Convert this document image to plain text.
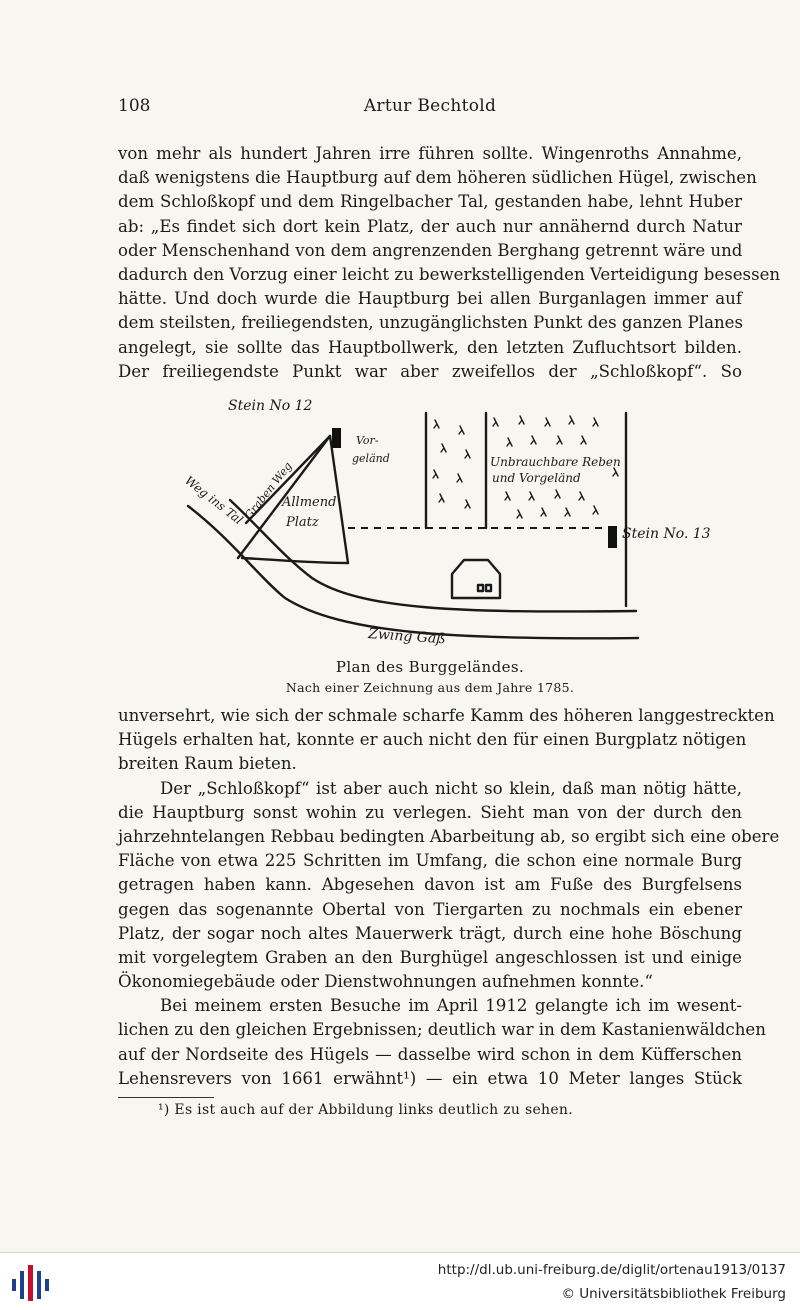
108	Artur Bechtold
von mehr als hundert Jahren irre führen sollte. Wingenroths Annahme,
daß wenigstens die Hauptburg auf dem höheren südlichen Hügel, zwischen
dem Schloßkopf und dem Ringelbacher Tal, gestanden habe, lehnt Huber
ab: „Es findet sich dort kein Platz, der auch nur annähernd durch Natur
oder Menschenhand von dem angrenzenden Berghang getrennt wäre und
dadurch den Vorzug einer leicht zu bewerkstelligenden Verteidigung besessen
hätte. Und doch wurde die Hauptburg bei allen Burganlagen immer auf
dem steilsten, freiliegendsten, unzugänglichsten Punkt des ganzen Planes
angelegt, sie sollte das Hauptbollwerk, den letzten Zufluchtsort bilden.
Der freiliegendste Punkt war aber zweifellos der „Schloßkopf“. So
Stein No 12
Weg ins Tal
Graben Weg
Allmend
Platz
Vor-
geländ	Unbrauchbare Reben
und Vorgeländ
Stein No. 13
Zwing Gaß
Plan des Burggeländes.
Nach einer Zeichnung aus dem Jahre 1785.
unversehrt, wie sich der schmale scharfe Kamm des höheren langgestreckten
Hügels erhalten hat, konnte er auch nicht den für einen Burgplatz nötigen
breiten Raum bieten.
Der „Schloßkopf“ ist aber auch nicht so klein, daß man nötig hätte,
die Hauptburg sonst wohin zu verlegen. Sieht man von der durch den
jahrzehntelangen Rebbau bedingten Abarbeitung ab, so ergibt sich eine obere
Fläche von etwa 225 Schritten im Umfang, die schon eine normale Burg
getragen haben kann. Abgesehen davon ist am Fuße des Burgfelsens
gegen das sogenannte Obertal von Tiergarten zu nochmals ein ebener
Platz, der sogar noch altes Mauerwerk trägt, durch eine hohe Böschung
mit vorgelegtem Graben an den Burghügel angeschlossen ist und einige
Ökonomiegebäude oder Dienstwohnungen aufnehmen konnte.“
Bei meinem ersten Besuche im April 1912 gelangte ich im wesent-
lichen zu den gleichen Ergebnissen; deutlich war in dem Kastanienwäldchen
auf der Nordseite des Hügels — dasselbe wird schon in dem Küfferschen
Lehensrevers von 1661 erwähnt¹) — ein etwa 10 Meter langes Stück
¹) Es ist auch auf der Abbildung links deutlich zu sehen.
http://dl.ub.uni-freiburg.de/diglit/ortenau1913/0137
© Universitätsbibliothek Freiburg
